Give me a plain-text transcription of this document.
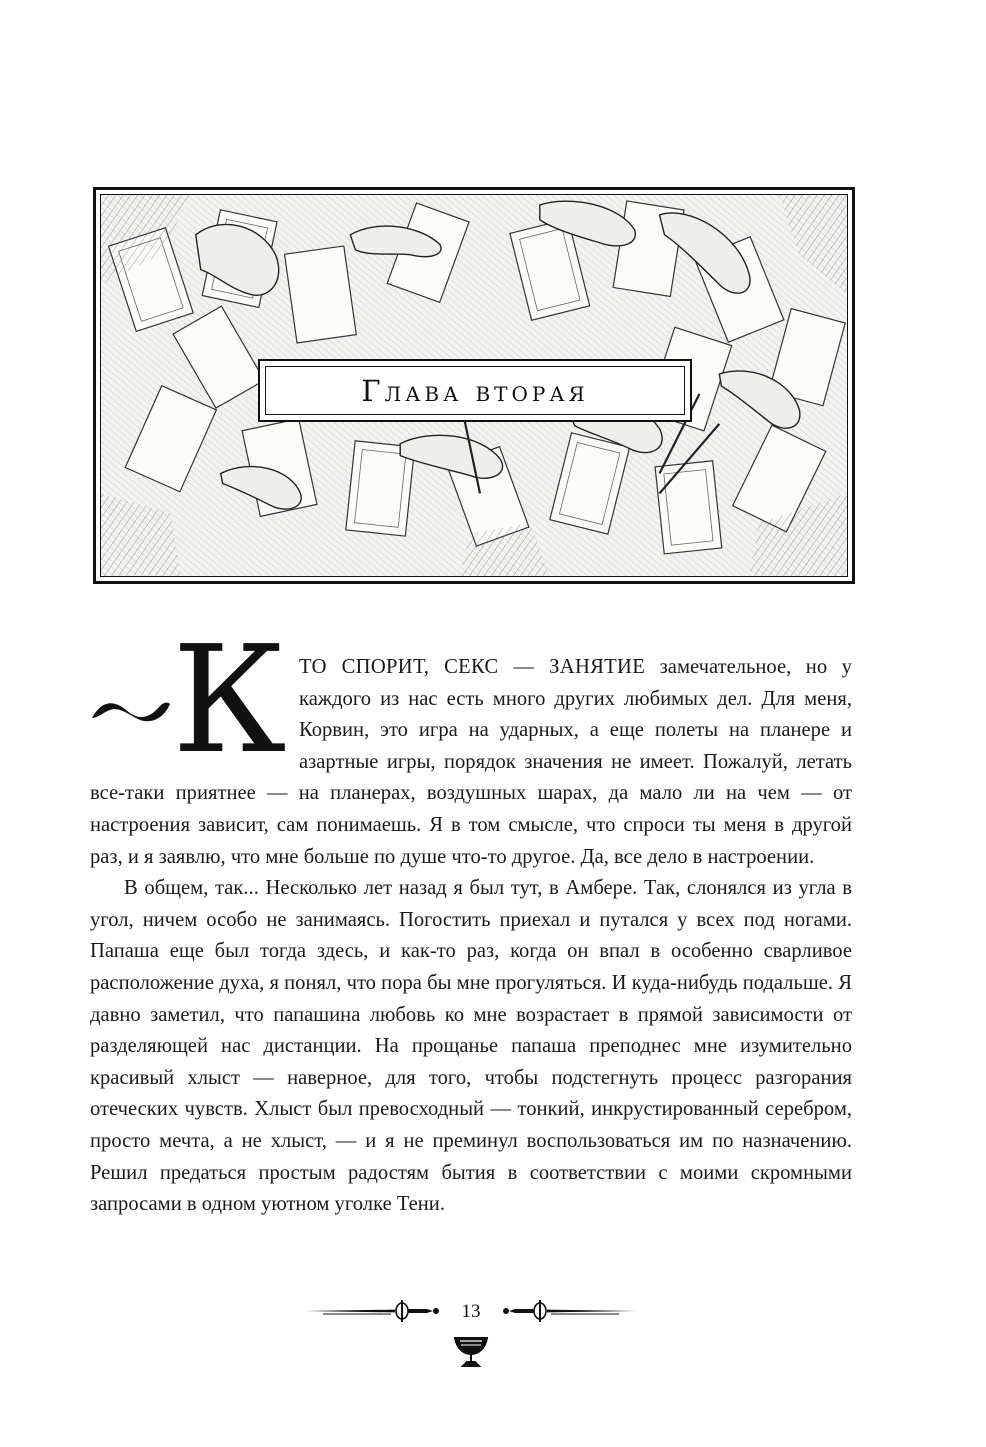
Глава вторая
К ТО СПОРИТ, СЕКС — ЗАНЯТИЕ замечательное, но у каждого из нас есть много других любимых дел. Для меня, Корвин, это игра на ударных, а еще полеты на планере и азартные игры, порядок значения не имеет. Пожалуй, летать все-таки приятнее — на планерах, воздушных шарах, да мало ли на чем — от настроения зависит, сам понимаешь. Я в том смысле, что спроси ты меня в другой раз, и я заявлю, что мне больше по душе что-то другое. Да, все дело в настроении.

В общем, так... Несколько лет назад я был тут, в Амбере. Так, слонялся из угла в угол, ничем особо не занимаясь. Погостить приехал и путался у всех под ногами. Папаша еще был тогда здесь, и как-то раз, когда он впал в особенно сварливое расположение духа, я понял, что пора бы мне прогуляться. И куда-нибудь подальше. Я давно заметил, что папашина любовь ко мне возрастает в прямой зависимости от разделяющей нас дистанции. На прощанье папаша преподнес мне изумительно красивый хлыст — наверное, для того, чтобы подстегнуть процесс разгорания отеческих чувств. Хлыст был превосходный — тонкий, инкрустированный серебром, просто мечта, а не хлыст, — и я не преминул воспользоваться им по назначению. Решил предаться простым радостям бытия в соответствии с моими скромными запросами в одном уютном уголке Тени.

13
